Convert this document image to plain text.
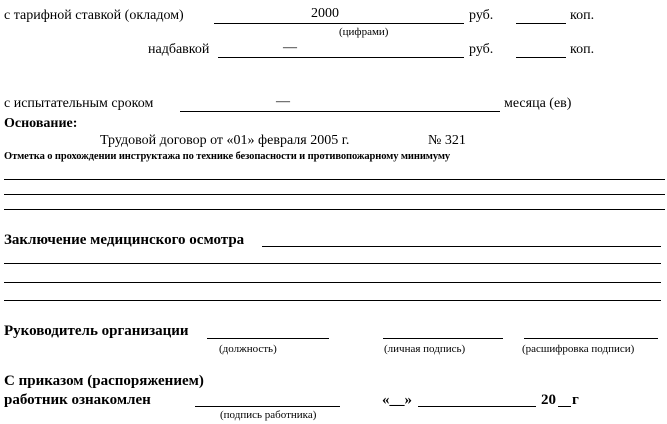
с тарифной ставкой (окладом)	2000	руб.	коп.
(цифрами)
надбавкой	—	руб.	коп.
с испытательным сроком	—	месяца (ев)
Основание:
Трудовой договор от «01» февраля 2005 г.	№ 321
Отметка о прохождении инструктажа по технике безопасности и противопожарному минимуму
Заключение медицинского осмотра
Руководитель организации
(должность)	(личная подпись)	(расшифровка подписи)
С приказом (распоряжением)
работник ознакомлен
(подпись работника)
«__»	20 г
